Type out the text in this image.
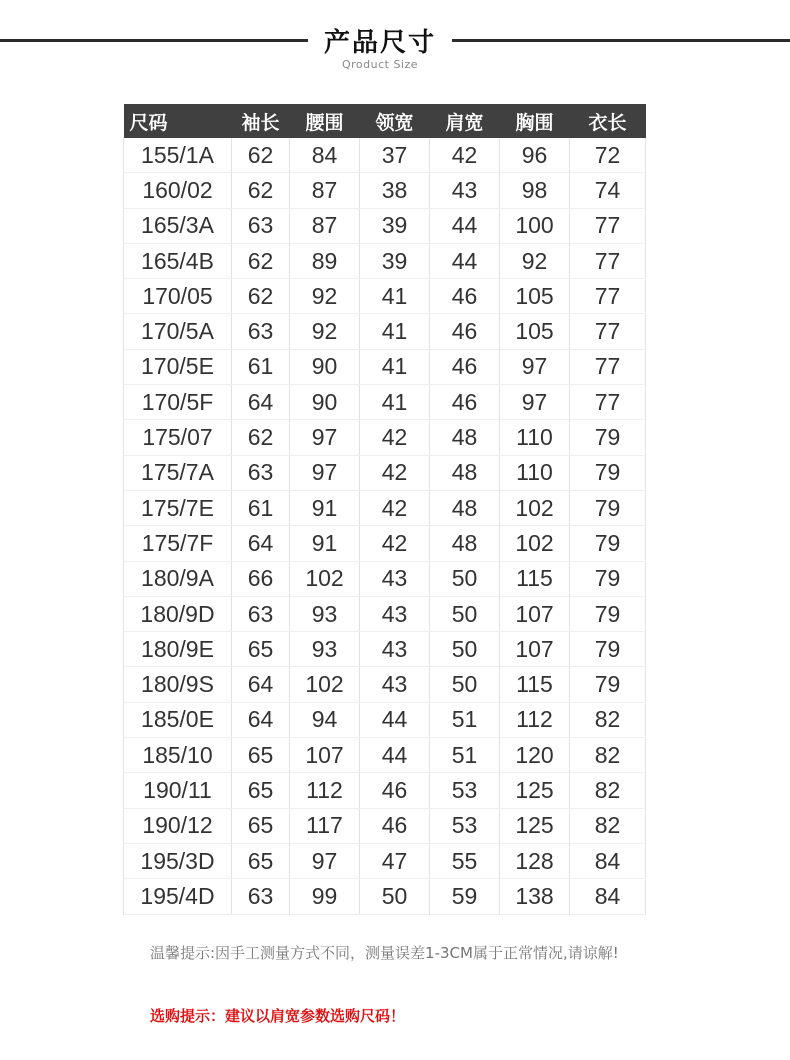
产品尺寸
Qroduct Size
尺码	袖长	腰围	领宽	肩宽	胸围	衣长
155/1A	62	84	37	42	96	72
160/02	62	87	38	43	98	74
165/3A	63	87	39	44	100	77
165/4B	62	89	39	44	92	77
170/05	62	92	41	46	105	77
170/5A	63	92	41	46	105	77
170/5E	61	90	41	46	97	77
170/5F	64	90	41	46	97	77
175/07	62	97	42	48	110	79
175/7A	63	97	42	48	110	79
175/7E	61	91	42	48	102	79
175/7F	64	91	42	48	102	79
180/9A	66	102	43	50	115	79
180/9D	63	93	43	50	107	79
180/9E	65	93	43	50	107	79
180/9S	64	102	43	50	115	79
185/0E	64	94	44	51	112	82
185/10	65	107	44	51	120	82
190/11	65	112	46	53	125	82
190/12	65	117	46	53	125	82
195/3D	65	97	47	55	128	84
195/4D	63	99	50	59	138	84
温馨提示:因手工测量方式不同，测量误差1-3CM属于正常情况,请谅解!
选购提示：建议以肩宽参数选购尺码！
